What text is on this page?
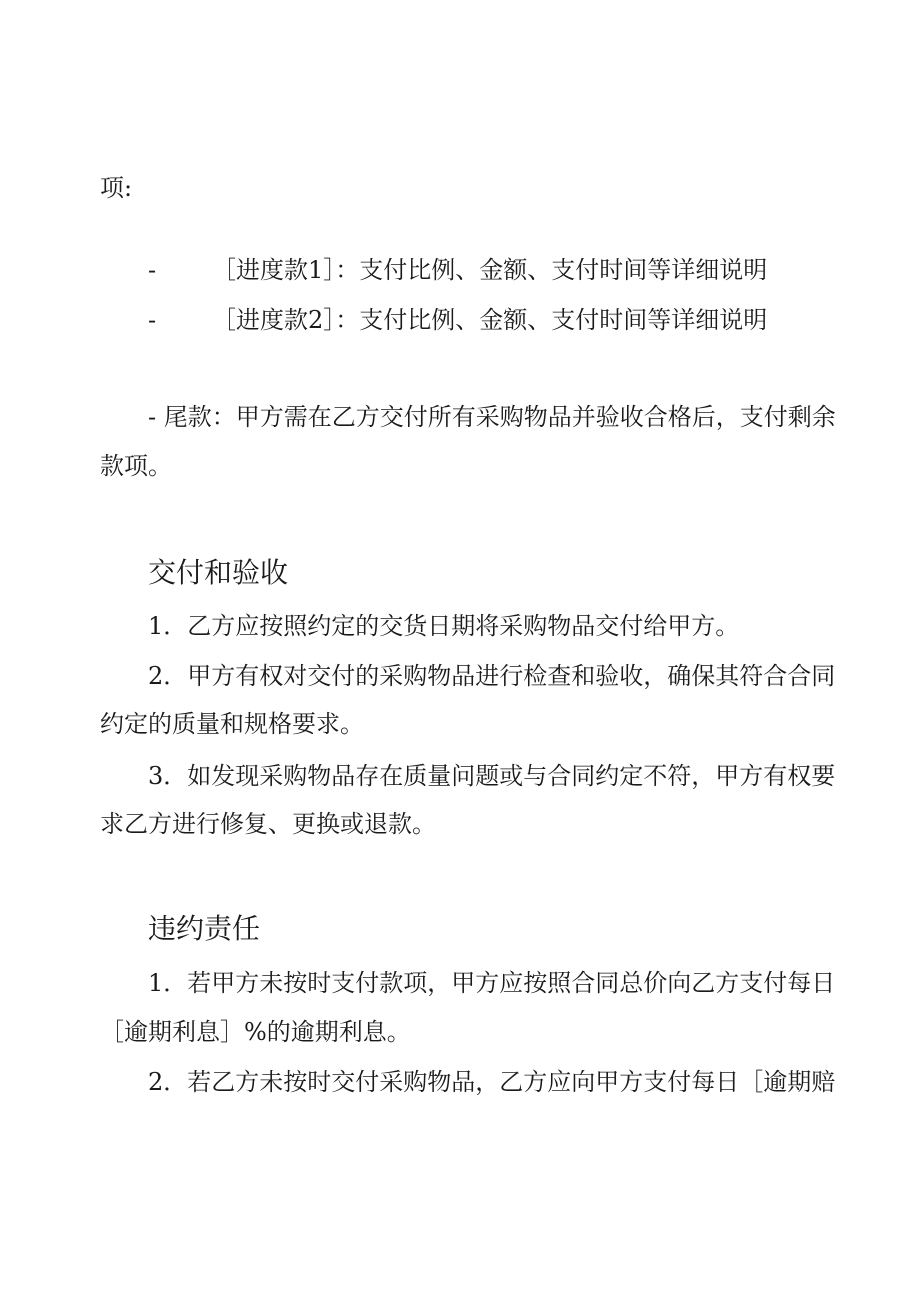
项:
- ［进度款1］：支付比例、金额、支付时间等详细说明
- ［进度款2］：支付比例、金额、支付时间等详细说明
- 尾款：甲方需在乙方交付所有采购物品并验收合格后，支付剩余
款项。
交付和验收
1．乙方应按照约定的交货日期将采购物品交付给甲方。
2．甲方有权对交付的采购物品进行检查和验收，确保其符合合同
约定的质量和规格要求。
3．如发现采购物品存在质量问题或与合同约定不符，甲方有权要
求乙方进行修复、更换或退款。
违约责任
1．若甲方未按时支付款项，甲方应按照合同总价向乙方支付每日
［逾期利息］%的逾期利息。
2．若乙方未按时交付采购物品，乙方应向甲方支付每日［逾期赔
